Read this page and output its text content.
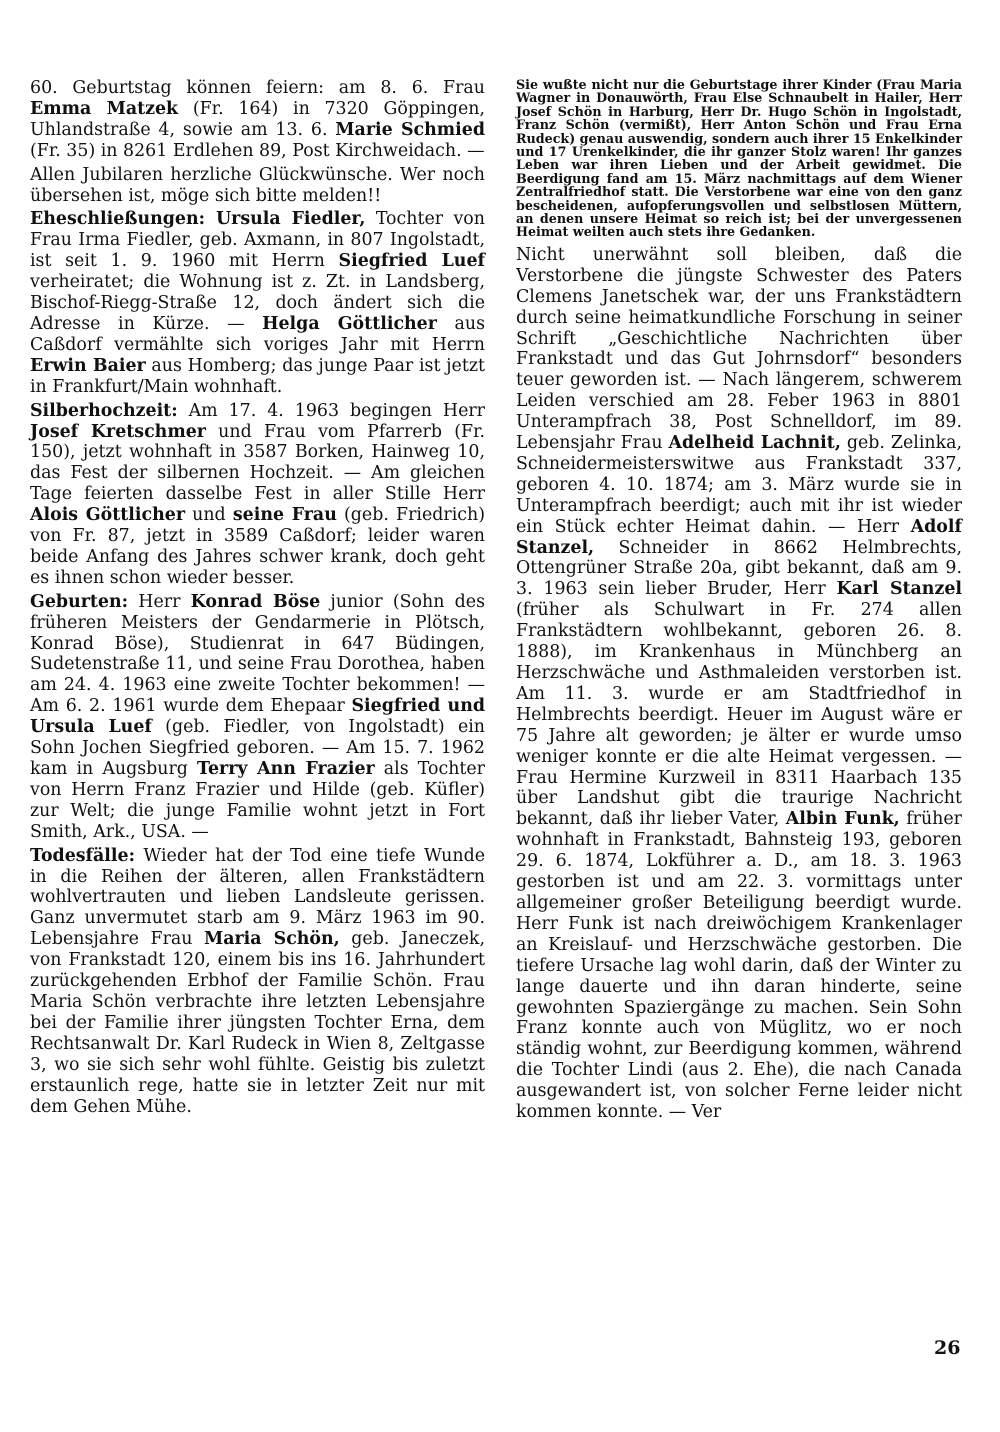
60. Geburtstag können feiern: am 8. 6. Frau Emma Matzek (Fr. 164) in 7320 Göppingen, Uhlandstraße 4, sowie am 13. 6. Marie Schmied (Fr. 35) in 8261 Erdlehen 89, Post Kirchweidach. —

Allen Jubilaren herzliche Glückwünsche. Wer noch übersehen ist, möge sich bitte melden!!

Eheschließungen: Ursula Fiedler, Tochter von Frau Irma Fiedler, geb. Axmann, in 807 Ingolstadt, ist seit 1. 9. 1960 mit Herrn Siegfried Luef verheiratet; die Wohnung ist z. Zt. in Landsberg, Bischof-Riegg-Straße 12, doch ändert sich die Adresse in Kürze. — Helga Göttlicher aus Caßdorf vermählte sich voriges Jahr mit Herrn Erwin Baier aus Homberg; das junge Paar ist jetzt in Frankfurt/Main wohnhaft.

Silberhochzeit: Am 17. 4. 1963 begingen Herr Josef Kretschmer und Frau vom Pfarrerb (Fr. 150), jetzt wohnhaft in 3587 Borken, Hainweg 10, das Fest der silbernen Hochzeit. — Am gleichen Tage feierten dasselbe Fest in aller Stille Herr Alois Göttlicher und seine Frau (geb. Friedrich) von Fr. 87, jetzt in 3589 Caßdorf; leider waren beide Anfang des Jahres schwer krank, doch geht es ihnen schon wieder besser.

Geburten: Herr Konrad Böse junior (Sohn des früheren Meisters der Gendarmerie in Plötsch, Konrad Böse), Studienrat in 647 Büdingen, Sudetenstraße 11, und seine Frau Dorothea, haben am 24. 4. 1963 eine zweite Tochter bekommen! — Am 6. 2. 1961 wurde dem Ehepaar Siegfried und Ursula Luef (geb. Fiedler, von Ingolstadt) ein Sohn Jochen Siegfried geboren. — Am 15. 7. 1962 kam in Augsburg Terry Ann Frazier als Tochter von Herrn Franz Frazier und Hilde (geb. Küfler) zur Welt; die junge Familie wohnt jetzt in Fort Smith, Ark., USA. —

Todesfälle: Wieder hat der Tod eine tiefe Wunde in die Reihen der älteren, allen Frankstädtern wohlvertrauten und lieben Landsleute gerissen. Ganz unvermutet starb am 9. März 1963 im 90. Lebensjahre Frau Maria Schön, geb. Janeczek, von Frankstadt 120, einem bis ins 16. Jahrhundert zurückgehenden Erbhof der Familie Schön. Frau Maria Schön verbrachte ihre letzten Lebensjahre bei der Familie ihrer jüngsten Tochter Erna, dem Rechtsanwalt Dr. Karl Rudeck in Wien 8, Zeltgasse 3, wo sie sich sehr wohl fühlte. Geistig bis zuletzt erstaunlich rege, hatte sie in letzter Zeit nur mit dem Gehen Mühe.

Sie wußte nicht nur die Geburtstage ihrer Kinder (Frau Maria Wagner in Donauwörth, Frau Else Schnaubelt in Hailer, Herr Josef Schön in Harburg, Herr Dr. Hugo Schön in Ingolstadt, Franz Schön (vermißt), Herr Anton Schön und Frau Erna Rudeck) genau auswendig, sondern auch ihrer 15 Enkelkinder und 17 Urenkelkinder, die ihr ganzer Stolz waren! Ihr ganzes Leben war ihren Lieben und der Arbeit gewidmet. Die Beerdigung fand am 15. März nachmittags auf dem Wiener Zentralfriedhof statt. Die Verstorbene war eine von den ganz bescheidenen, aufopferungsvollen und selbstlosen Müttern, an denen unsere Heimat so reich ist; bei der unvergessenen Heimat weilten auch stets ihre Gedanken.

Nicht unerwähnt soll bleiben, daß die Verstorbene die jüngste Schwester des Paters Clemens Janetschek war, der uns Frankstädtern durch seine heimatkundliche Forschung in seiner Schrift „Geschichtliche Nachrichten über Frankstadt und das Gut Johrnsdorf“ besonders teuer geworden ist. — Nach längerem, schwerem Leiden verschied am 28. Feber 1963 in 8801 Unterampfrach 38, Post Schnelldorf, im 89. Lebensjahr Frau Adelheid Lachnit, geb. Zelinka, Schneidermeisterswitwe aus Frankstadt 337, geboren 4. 10. 1874; am 3. März wurde sie in Unterampfrach beerdigt; auch mit ihr ist wieder ein Stück echter Heimat dahin. — Herr Adolf Stanzel, Schneider in 8662 Helmbrechts, Ottengrüner Straße 20a, gibt bekannt, daß am 9. 3. 1963 sein lieber Bruder, Herr Karl Stanzel (früher als Schulwart in Fr. 274 allen Frankstädtern wohlbekannt, geboren 26. 8. 1888), im Krankenhaus in Münchberg an Herzschwäche und Asthmaleiden verstorben ist. Am 11. 3. wurde er am Stadtfriedhof in Helmbrechts beerdigt. Heuer im August wäre er 75 Jahre alt geworden; je älter er wurde umso weniger konnte er die alte Heimat vergessen. — Frau Hermine Kurzweil in 8311 Haarbach 135 über Landshut gibt die traurige Nachricht bekannt, daß ihr lieber Vater, Albin Funk, früher wohnhaft in Frankstadt, Bahnsteig 193, geboren 29. 6. 1874, Lokführer a. D., am 18. 3. 1963 gestorben ist und am 22. 3. vormittags unter allgemeiner großer Beteiligung beerdigt wurde. Herr Funk ist nach dreiwöchigem Krankenlager an Kreislauf- und Herzschwäche gestorben. Die tiefere Ursache lag wohl darin, daß der Winter zu lange dauerte und ihn daran hinderte, seine gewohnten Spaziergänge zu machen. Sein Sohn Franz konnte auch von Müglitz, wo er noch ständig wohnt, zur Beerdigung kommen, während die Tochter Lindi (aus 2. Ehe), die nach Canada ausgewandert ist, von solcher Ferne leider nicht kommen konnte. — Ver

26
